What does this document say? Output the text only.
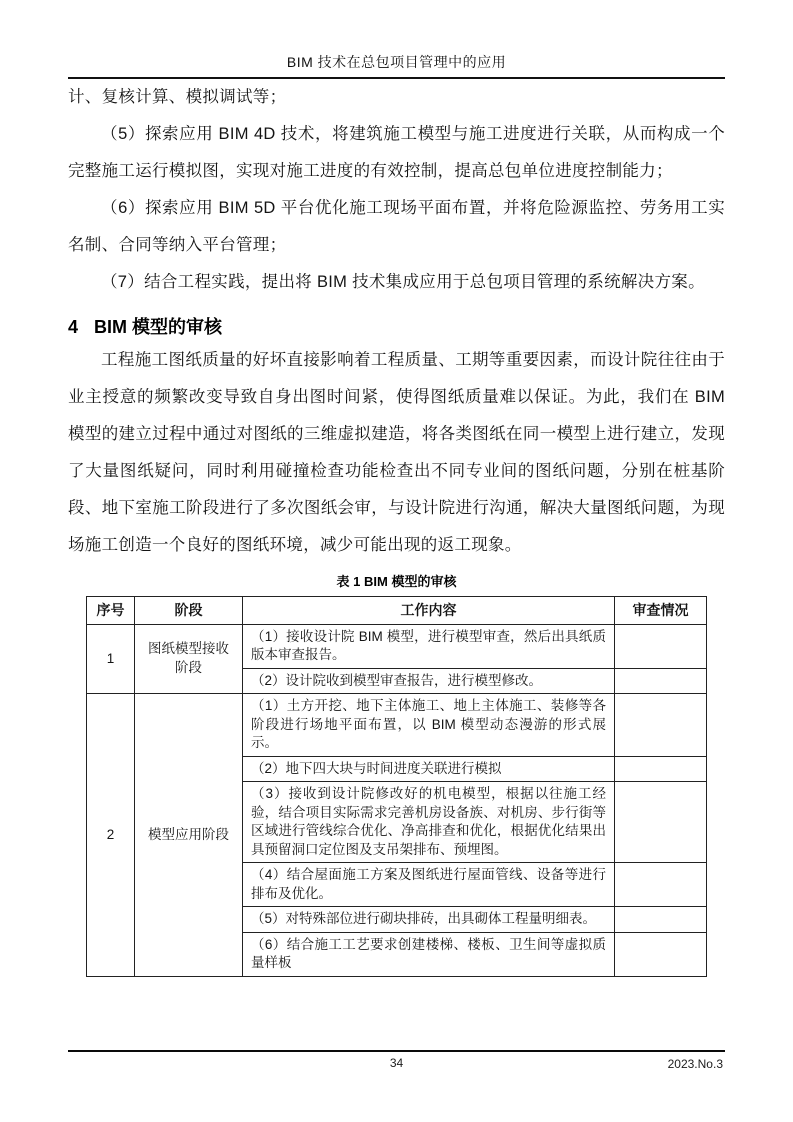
BIM 技术在总包项目管理中的应用

计、复核计算、模拟调试等；

（5）探索应用 BIM 4D 技术，将建筑施工模型与施工进度进行关联，从而构成一个完整施工运行模拟图，实现对施工进度的有效控制，提高总包单位进度控制能力；

（6）探索应用 BIM 5D 平台优化施工现场平面布置，并将危险源监控、劳务用工实名制、合同等纳入平台管理；

（7）结合工程实践，提出将 BIM 技术集成应用于总包项目管理的系统解决方案。

4 BIM 模型的审核

工程施工图纸质量的好坏直接影响着工程质量、工期等重要因素，而设计院往往由于业主授意的频繁改变导致自身出图时间紧，使得图纸质量难以保证。为此，我们在 BIM 模型的建立过程中通过对图纸的三维虚拟建造，将各类图纸在同一模型上进行建立，发现了大量图纸疑问，同时利用碰撞检查功能检查出不同专业间的图纸问题，分别在桩基阶段、地下室施工阶段进行了多次图纸会审，与设计院进行沟通，解决大量图纸问题，为现场施工创造一个良好的图纸环境，减少可能出现的返工现象。

表 1 BIM 模型的审核

序号	阶段	工作内容	审查情况
1	图纸模型接收阶段	（1）接收设计院 BIM 模型，进行模型审查，然后出具纸质版本审查报告。	
		（2）设计院收到模型审查报告，进行模型修改。	
2	模型应用阶段	（1）土方开挖、地下主体施工、地上主体施工、装修等各阶段进行场地平面布置，以 BIM 模型动态漫游的形式展示。	
		（2）地下四大块与时间进度关联进行模拟	
		（3）接收到设计院修改好的机电模型，根据以往施工经验，结合项目实际需求完善机房设备族、对机房、步行街等区域进行管线综合优化、净高排查和优化，根据优化结果出具预留洞口定位图及支吊架排布、预埋图。	
		（4）结合屋面施工方案及图纸进行屋面管线、设备等进行排布及优化。	
		（5）对特殊部位进行砌块排砖，出具砌体工程量明细表。	
		（6）结合施工工艺要求创建楼梯、楼板、卫生间等虚拟质量样板	
34	2023.No.3
